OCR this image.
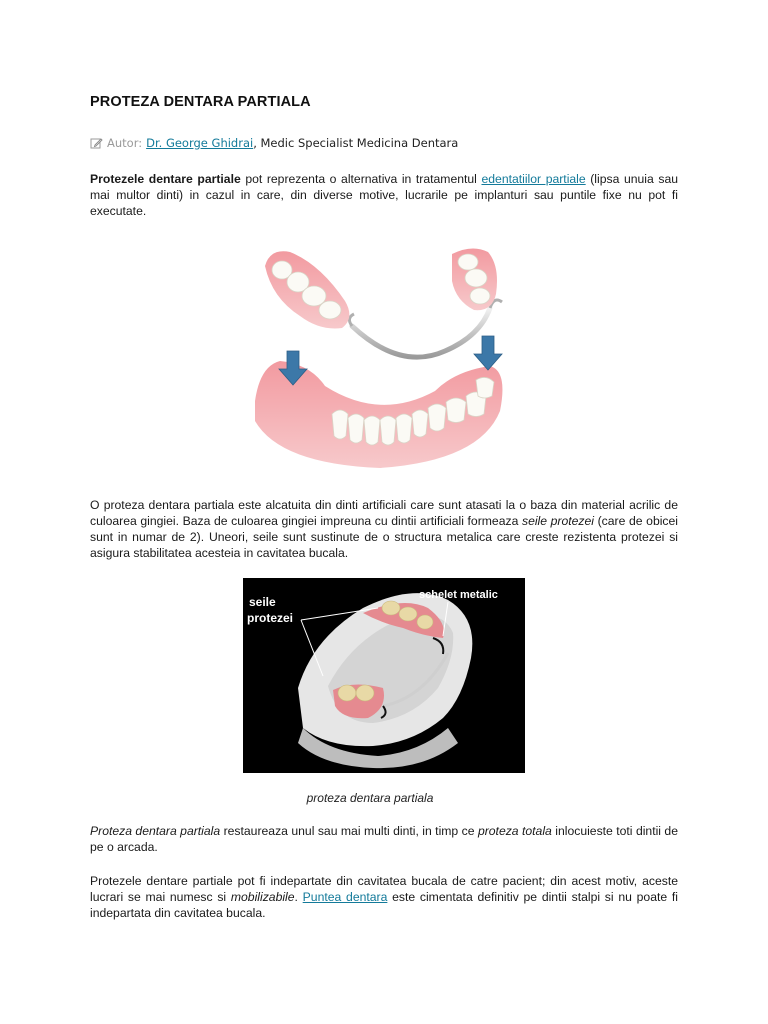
PROTEZA DENTARA PARTIALA
Autor: Dr. George Ghidrai , Medic Specialist Medicina Dentara

Protezele dentare partiale pot reprezenta o alternativa in tratamentul edentatiilor partiale (lipsa unuia sau mai multor dinti) in cazul in care, din diverse motive, lucrarile pe implanturi sau puntile fixe nu pot fi executate.

O proteza dentara partiala este alcatuita din dinti artificiali care sunt atasati la o baza din material acrilic de culoarea gingiei. Baza de culoarea gingiei impreuna cu dintii artificiali formeaza seile protezei (care de obicei sunt in numar de 2). Uneori, seile sunt sustinute de o structura metalica care creste rezistenta protezei si asigura stabilitatea acesteia in cavitatea bucala.

seile
protezei
schelet metalic
proteza dentara partiala

Proteza dentara partiala restaureaza unul sau mai multi dinti, in timp ce proteza totala inlocuieste toti dintii de pe o arcada.

Protezele dentare partiale pot fi indepartate din cavitatea bucala de catre pacient; din acest motiv, aceste lucrari se mai numesc si mobilizabile. Puntea dentara este cimentata definitiv pe dintii stalpi si nu poate fi indepartata din cavitatea bucala.
